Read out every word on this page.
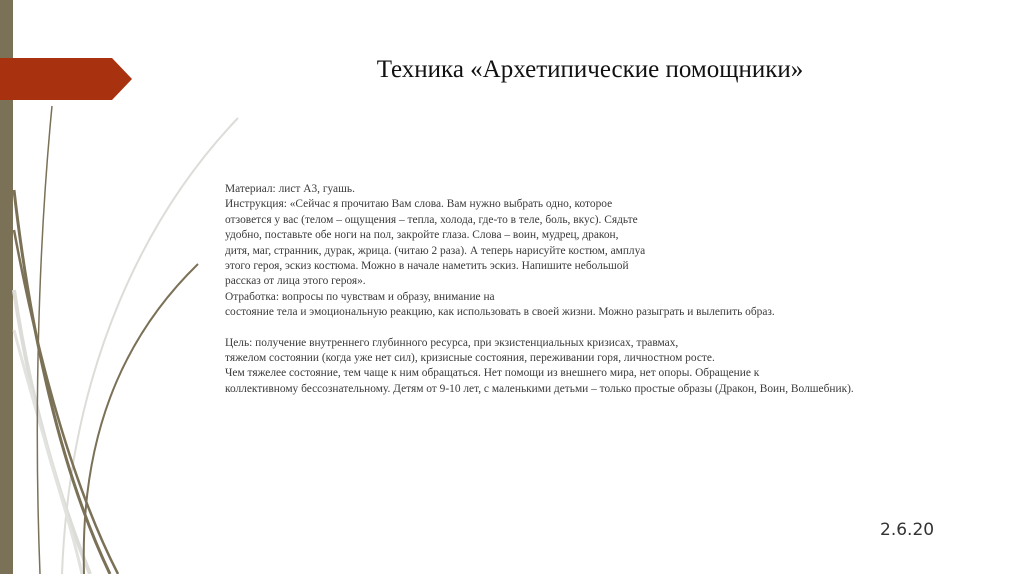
Техника «Архетипические помощники»

Материал: лист А3, гуашь.

Инструкция: «Сейчас я прочитаю Вам слова. Вам нужно выбрать одно, которое

отзовется у вас (телом – ощущения – тепла, холода, где-то в теле, боль, вкус). Сядьте

удобно, поставьте обе ноги на пол, закройте глаза. Слова – воин, мудрец, дракон,

дитя, маг, странник, дурак, жрица. (читаю 2 раза). А теперь нарисуйте костюм, амплуа

этого героя, эскиз костюма. Можно в начале наметить эскиз. Напишите небольшой

рассказ от лица этого героя».

Отработка: вопросы по чувствам и образу, внимание на

состояние тела и эмоциональную реакцию, как использовать в своей жизни. Можно разыграть и вылепить образ.

Цель: получение внутреннего глубинного ресурса, при экзистенциальных кризисах, травмах,

тяжелом состоянии (когда уже нет сил), кризисные состояния, переживании горя, личностном росте.

Чем тяжелее состояние, тем чаще к ним обращаться. Нет помощи из внешнего мира, нет опоры. Обращение к

коллективному бессознательному. Детям от 9-10 лет, с маленькими детьми – только простые образы (Дракон, Воин, Волшебник).

2.6.20
